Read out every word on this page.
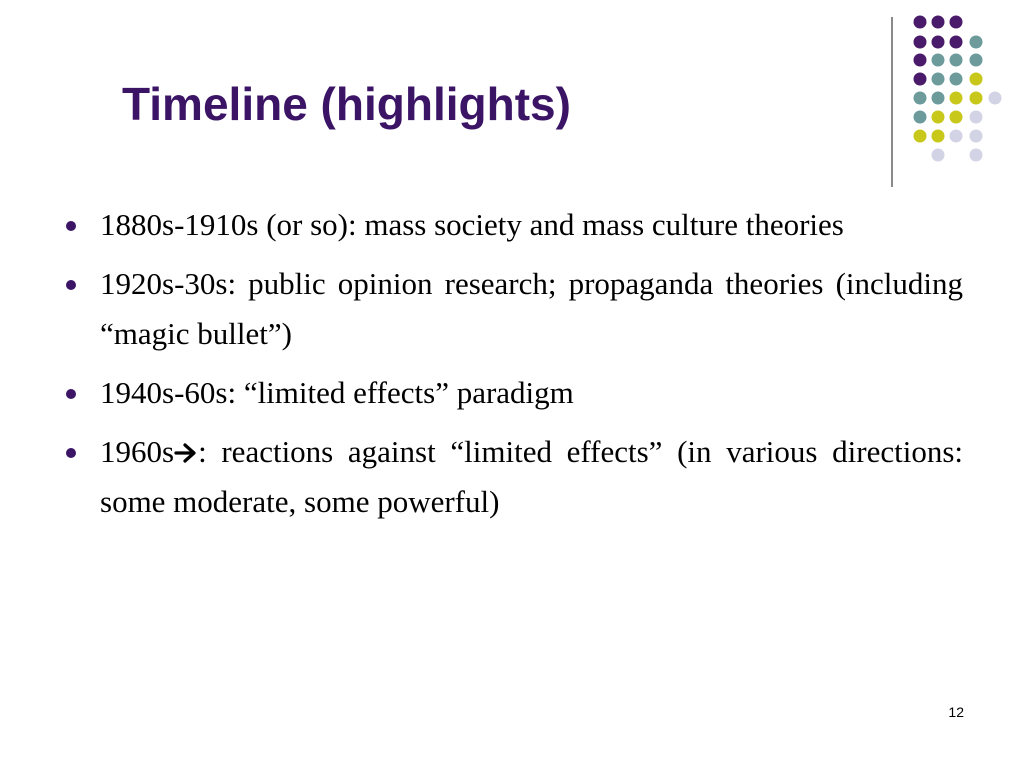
Timeline (highlights)
1880s-1910s (or so): mass society and mass culture theories
1920s-30s: public opinion research; propaganda theories (including “magic bullet”)
1940s-60s: “limited effects” paradigm
1960s : reactions against “limited effects” (in various directions: some moderate, some powerful)
12
